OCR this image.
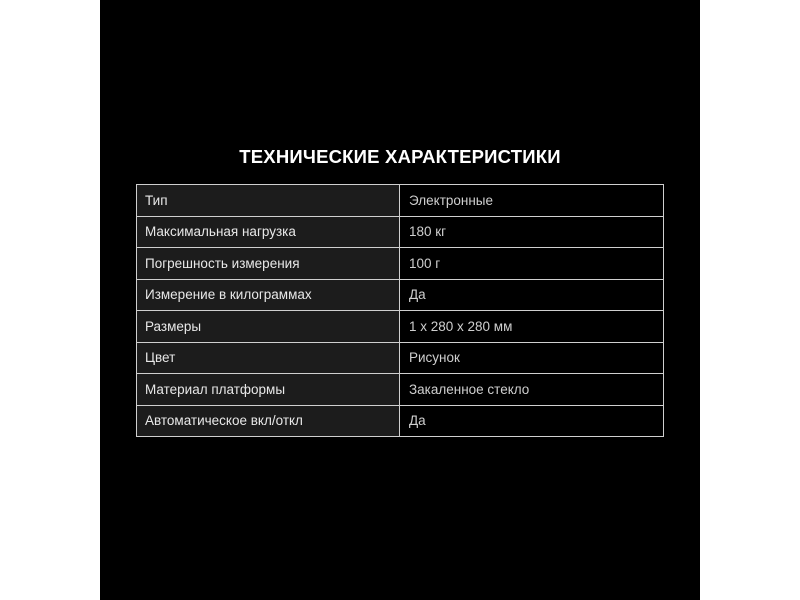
ТЕХНИЧЕСКИЕ ХАРАКТЕРИСТИКИ
Тип	Электронные
Максимальная нагрузка	180 кг
Погрешность измерения	100 г
Измерение в килограммах	Да
Размеры	1 х 280 х 280 мм
Цвет	Рисунок
Материал платформы	Закаленное стекло
Автоматическое вкл/откл	Да
